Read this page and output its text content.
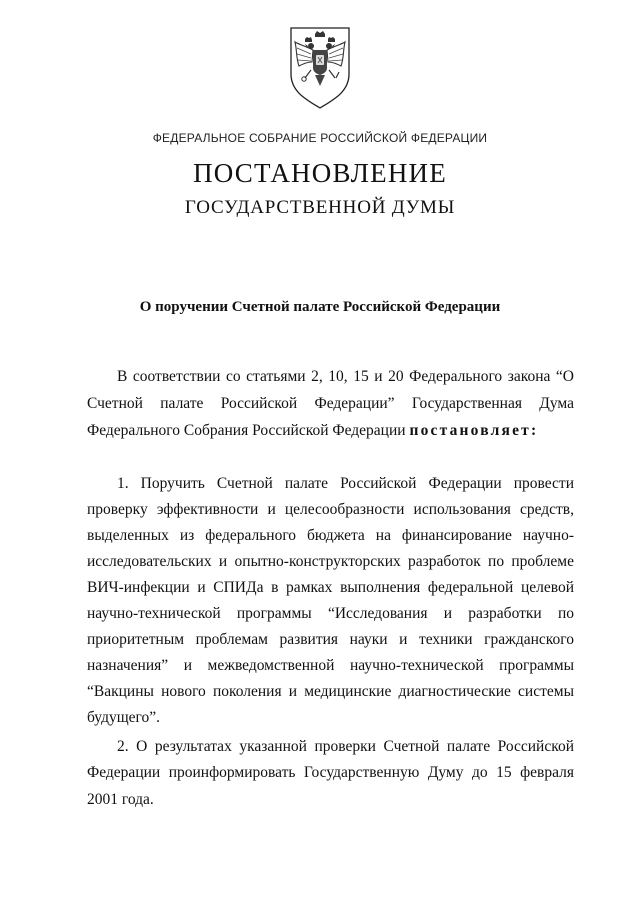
ФЕДЕРАЛЬНОЕ СОБРАНИЕ РОССИЙСКОЙ ФЕДЕРАЦИИ
ПОСТАНОВЛЕНИЕ
ГОСУДАРСТВЕННОЙ ДУМЫ
О поручении Счетной палате Российской Федерации
В соответствии со статьями 2, 10, 15 и 20 Федерального закона “О
Счетной палате Российской Федерации” Государственная Дума
Федерального Собрания Российской Федерации постановляет:
1. Поручить Счетной палате Российской Федерации провести
проверку эффективности и целесообразности использования средств,
выделенных из федерального бюджета на финансирование научно-
исследовательских и опытно-конструкторских разработок по проблеме
ВИЧ-инфекции и СПИДа в рамках выполнения федеральной целевой
научно-технической программы “Исследования и разработки по
приоритетным проблемам развития науки и техники гражданского
назначения” и межведомственной научно-технической программы
“Вакцины нового поколения и медицинские диагностические системы
будущего”.
2. О результатах указанной проверки Счетной палате Российской
Федерации проинформировать Государственную Думу до 15 февраля
2001 года.
